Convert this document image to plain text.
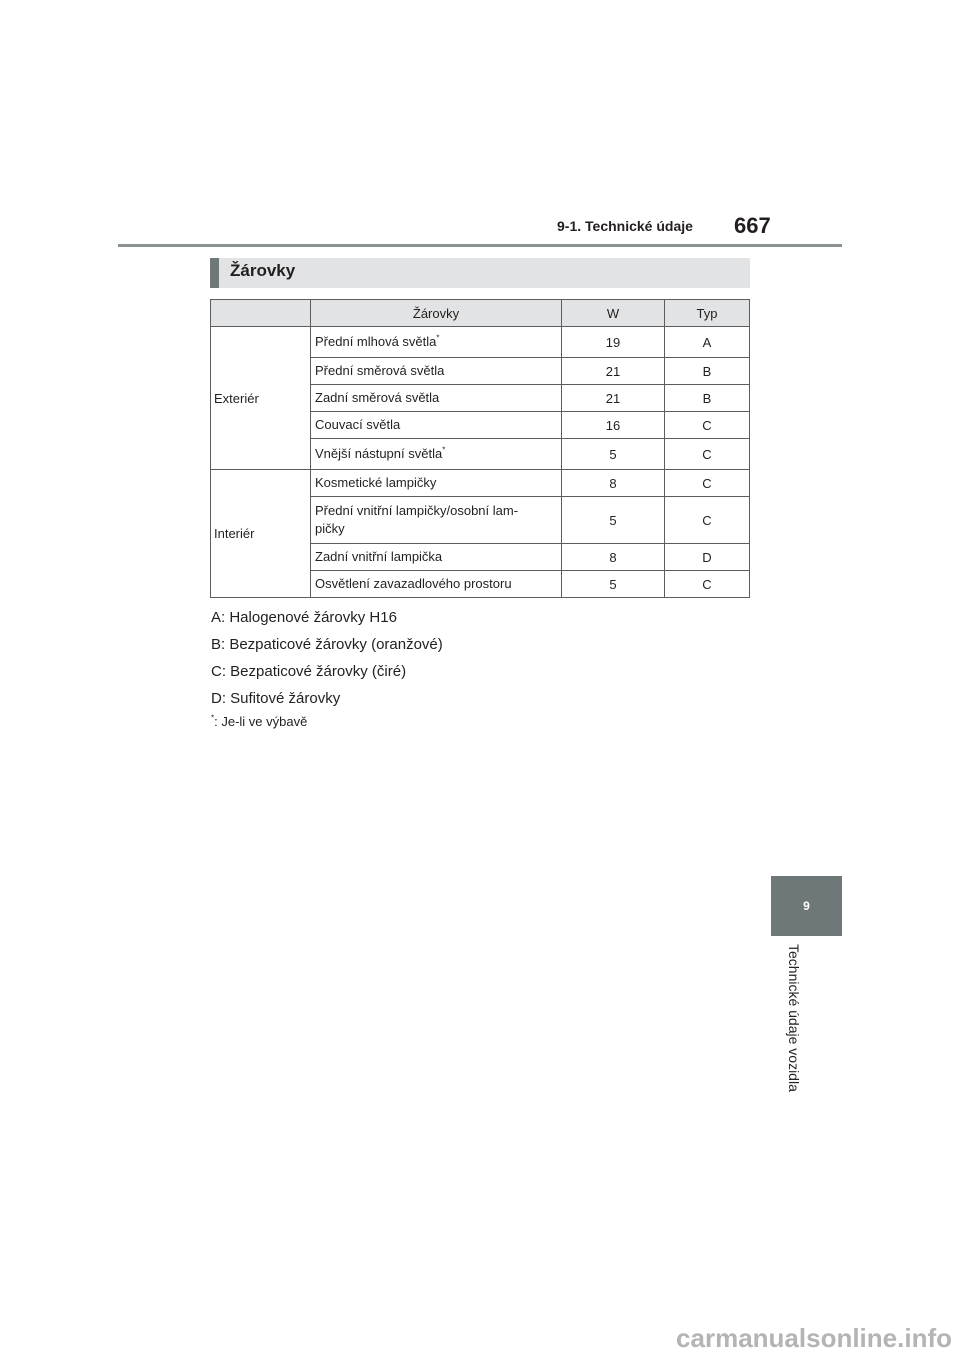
9-1. Technické údaje 667
Žárovky
	Žárovky	W	Typ
Exteriér	Přední mlhová světla*	19	A
	Přední směrová světla	21	B
	Zadní směrová světla	21	B
	Couvací světla	16	C
	Vnější nástupní světla*	5	C
Interiér	Kosmetické lampičky	8	C
	Přední vnitřní lampičky/osobní lam-
pičky	5	C
	Zadní vnitřní lampička	8	D
	Osvětlení zavazadlového prostoru	5	C
A: Halogenové žárovky H16
B: Bezpaticové žárovky (oranžové)
C: Bezpaticové žárovky (čiré)
D: Sufitové žárovky
*: Je-li ve výbavě
9
Technické údaje vozidla
carmanualsonline.info
